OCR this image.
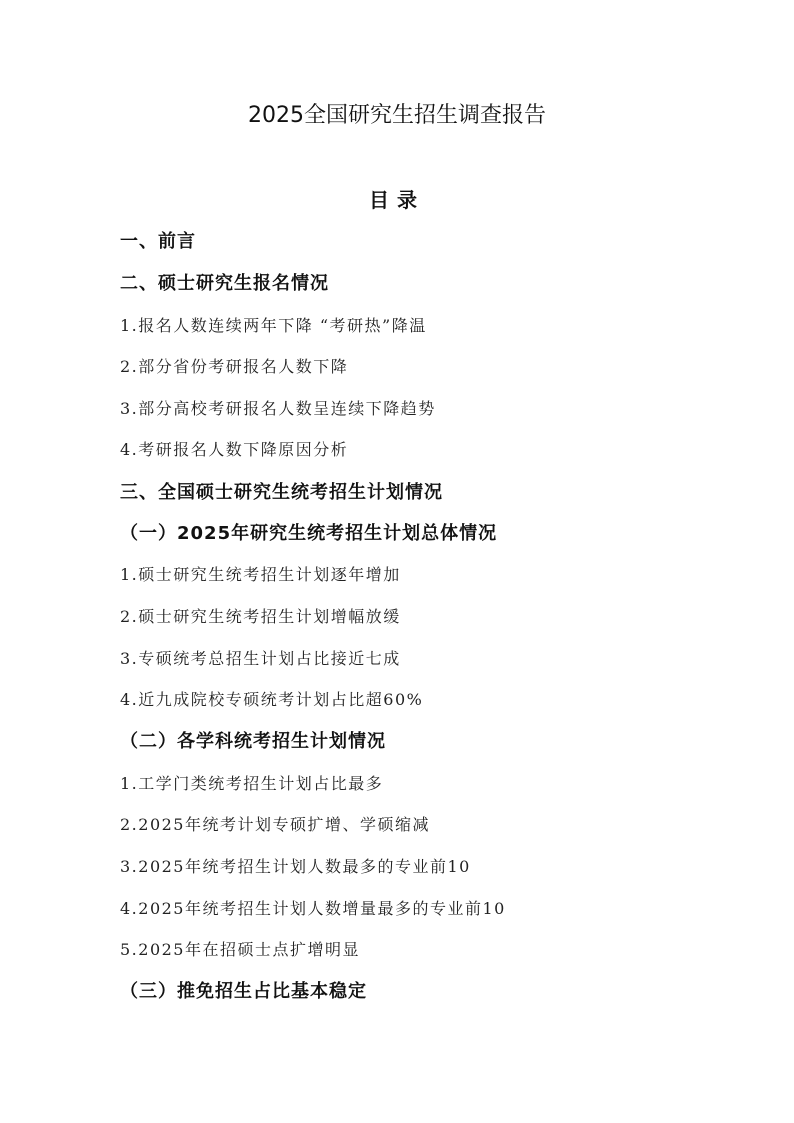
2025全国研究生招生调查报告
目录
一、前言
二、硕士研究生报名情况
1.报名人数连续两年下降 “考研热”降温
2.部分省份考研报名人数下降
3.部分高校考研报名人数呈连续下降趋势
4.考研报名人数下降原因分析
三、全国硕士研究生统考招生计划情况
（一）2025年研究生统考招生计划总体情况
1.硕士研究生统考招生计划逐年增加
2.硕士研究生统考招生计划增幅放缓
3.专硕统考总招生计划占比接近七成
4.近九成院校专硕统考计划占比超60%
（二）各学科统考招生计划情况
1.工学门类统考招生计划占比最多
2.2025年统考计划专硕扩增、学硕缩减
3.2025年统考招生计划人数最多的专业前10
4.2025年统考招生计划人数增量最多的专业前10
5.2025年在招硕士点扩增明显
（三）推免招生占比基本稳定
